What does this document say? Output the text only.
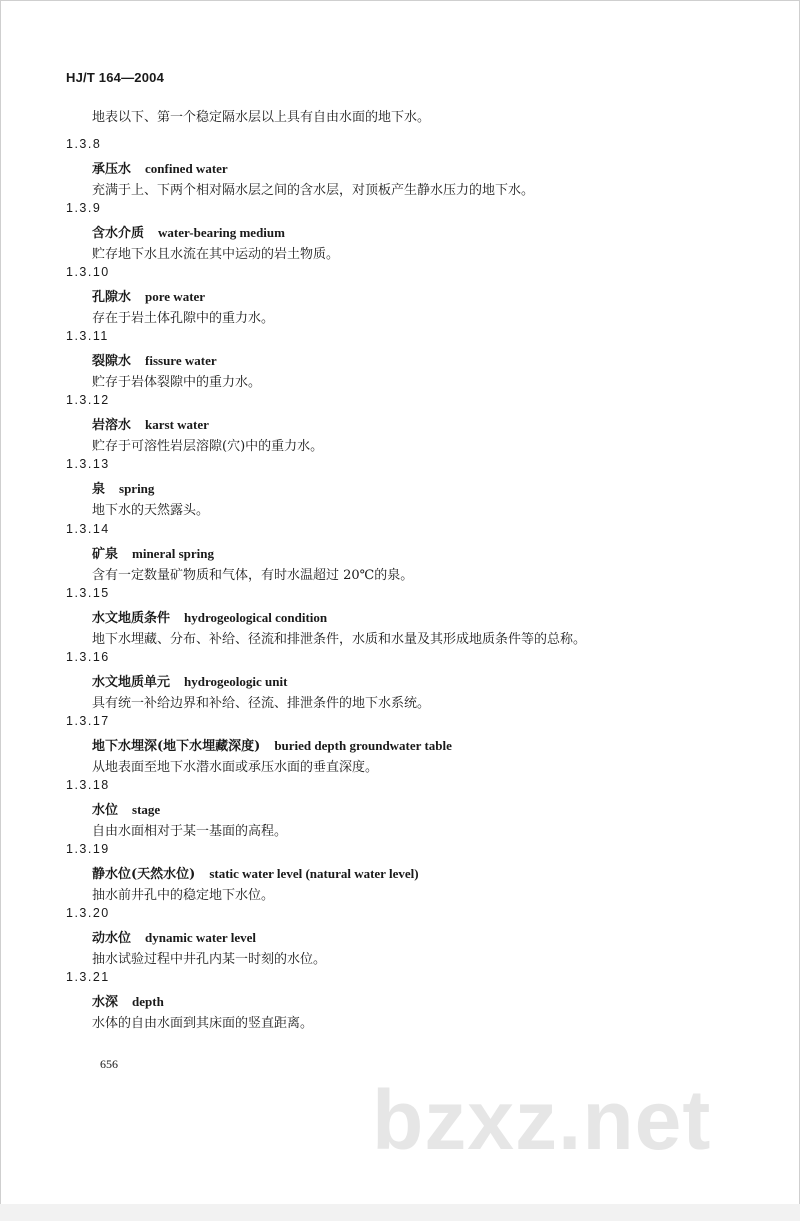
HJ/T 164—2004
地表以下、第一个稳定隔水层以上具有自由水面的地下水。
1.3.8
承压水 confined water
充满于上、下两个相对隔水层之间的含水层，对顶板产生静水压力的地下水。
1.3.9
含水介质 water-bearing medium
贮存地下水且水流在其中运动的岩土物质。
1.3.10
孔隙水 pore water
存在于岩土体孔隙中的重力水。
1.3.11
裂隙水 fissure water
贮存于岩体裂隙中的重力水。
1.3.12
岩溶水 karst water
贮存于可溶性岩层溶隙(穴)中的重力水。
1.3.13
泉 spring
地下水的天然露头。
1.3.14
矿泉 mineral spring
含有一定数量矿物质和气体，有时水温超过 20℃的泉。
1.3.15
水文地质条件 hydrogeological condition
地下水埋藏、分布、补给、径流和排泄条件，水质和水量及其形成地质条件等的总称。
1.3.16
水文地质单元 hydrogeologic unit
具有统一补给边界和补给、径流、排泄条件的地下水系统。
1.3.17
地下水埋深(地下水埋藏深度) buried depth groundwater table
从地表面至地下水潜水面或承压水面的垂直深度。
1.3.18
水位 stage
自由水面相对于某一基面的高程。
1.3.19
静水位(天然水位) static water level (natural water level)
抽水前井孔中的稳定地下水位。
1.3.20
动水位 dynamic water level
抽水试验过程中井孔内某一时刻的水位。
1.3.21
水深 depth
水体的自由水面到其床面的竖直距离。
656
bzxz.net
